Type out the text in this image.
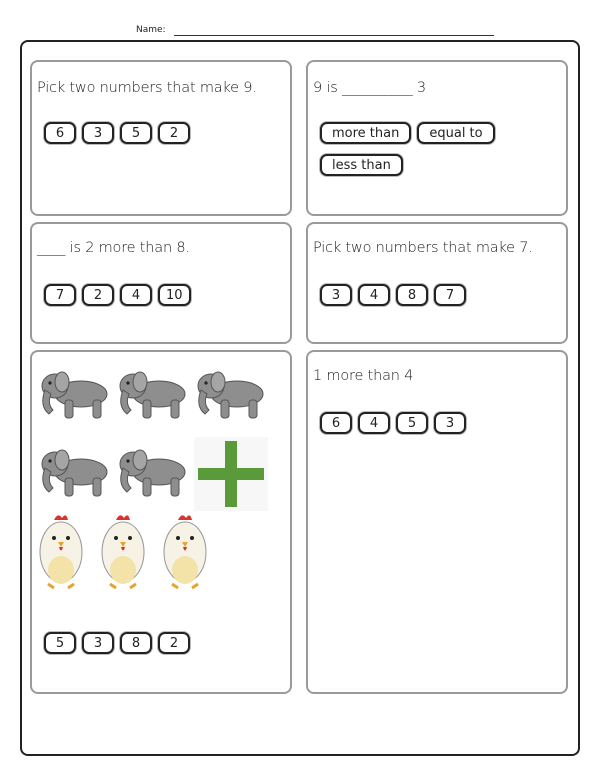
Name:
Pick two numbers that make 9.
6	3	5	2
9 is __________ 3
more than	equal to
less than
____ is 2 more than 8.
7	2	4	10
Pick two numbers that make 7.
3	4	8	7
5	3	8	2
1 more than 4
6	4	5	3
